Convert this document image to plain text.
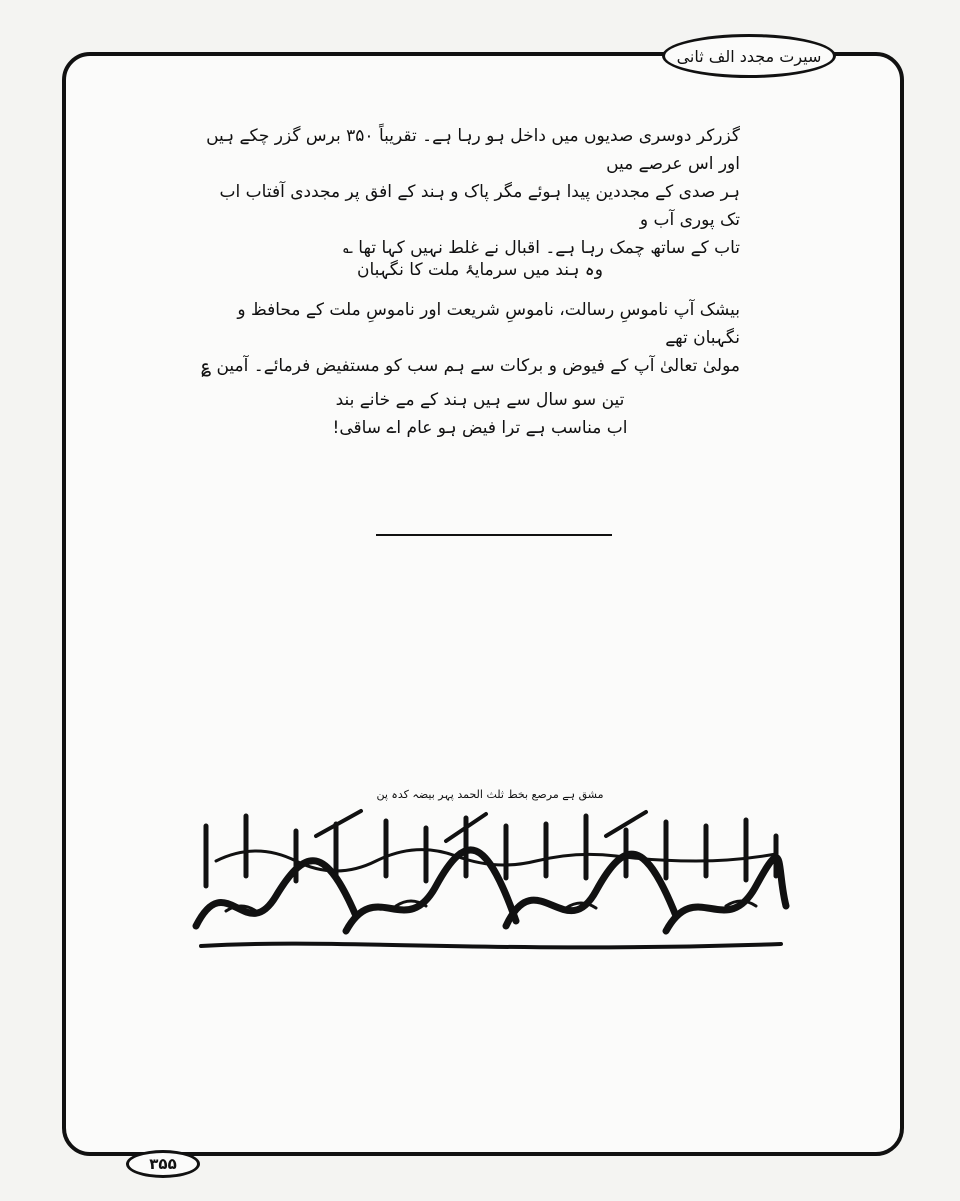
سیرت مجدد الف ثانی

گزرکر دوسری صدیوں میں داخل ہو رہا ہے۔ تقریباً ۳۵۰ برس گزر چکے ہیں اور اس عرصے میں

ہر صدی کے مجددین پیدا ہوئے مگر پاک و ہند کے افق پر مجددی آفتاب اب تک پوری آب و

تاب کے ساتھ چمک رہا ہے۔ اقبال نے غلط نہیں کہا تھا ؎

وہ ہند میں سرمایۂ ملت کا نگہبان

بیشک آپ ناموسِ رسالت، ناموسِ شریعت اور ناموسِ ملت کے محافظ و نگہبان تھے

مولیٰ تعالیٰ آپ کے فیوض و برکات سے ہم سب کو مستفیض فرمائے۔ آمین ؏

تین سو سال سے ہیں ہند کے مے خانے بند

اب مناسب ہے ترا فیض ہو عام اے ساقی!

مشق ہے مرصع بخط ثلث الحمد پہر بیضہ کدہ پن
۳۵۵
